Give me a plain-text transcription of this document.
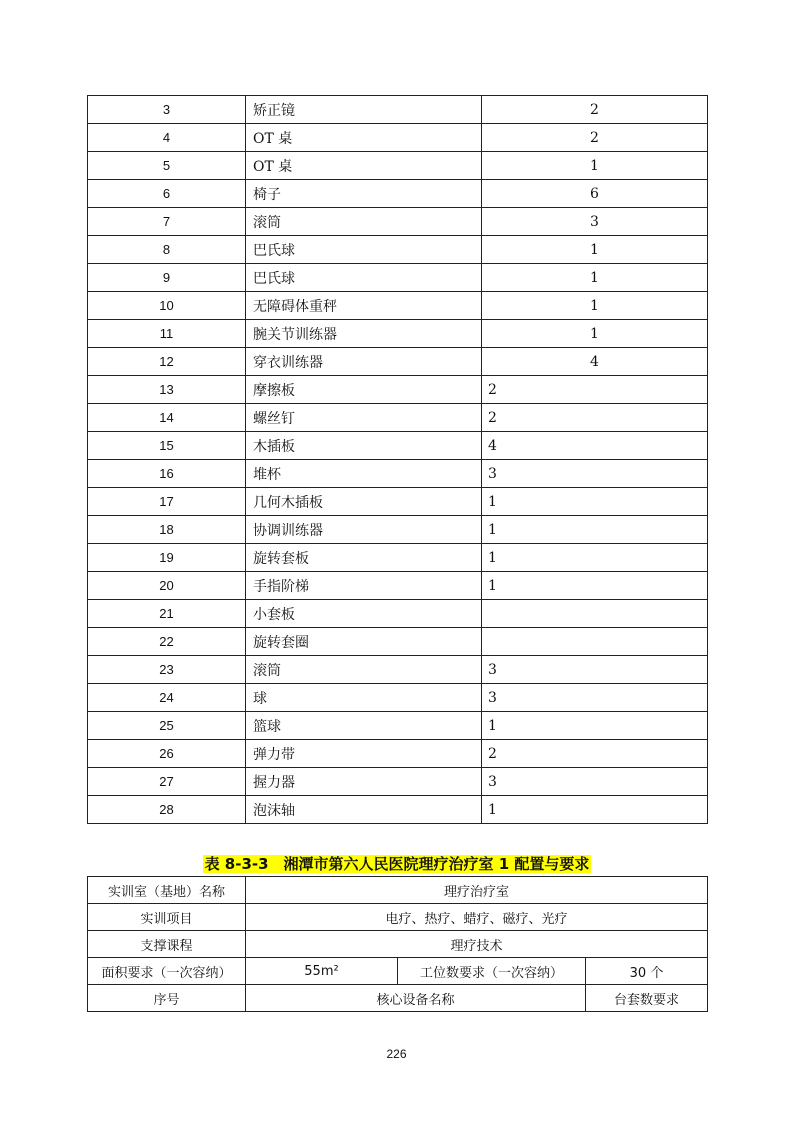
3	矫正镜	2
4	OT 桌	2
5	OT 桌	1
6	椅子	6
7	滚筒	3
8	巴氏球	1
9	巴氏球	1
10	无障碍体重秤	1
11	腕关节训练器	1
12	穿衣训练器	4
13	摩擦板	2
14	螺丝钉	2
15	木插板	4
16	堆杯	3
17	几何木插板	1
18	协调训练器	1
19	旋转套板	1
20	手指阶梯	1
21	小套板	
22	旋转套圈	
23	滚筒	3
24	球	3
25	篮球	1
26	弹力带	2
27	握力器	3
28	泡沫轴	1
表 8-3-3　湘潭市第六人民医院理疗治疗室 1 配置与要求
实训室（基地）名称	理疗治疗室		
实训项目	电疗、热疗、蜡疗、磁疗、光疗		
支撑课程	理疗技术		
面积要求（一次容纳）	55m²	工位数要求（一次容纳）	30 个
序号	核心设备名称		台套数要求
226
